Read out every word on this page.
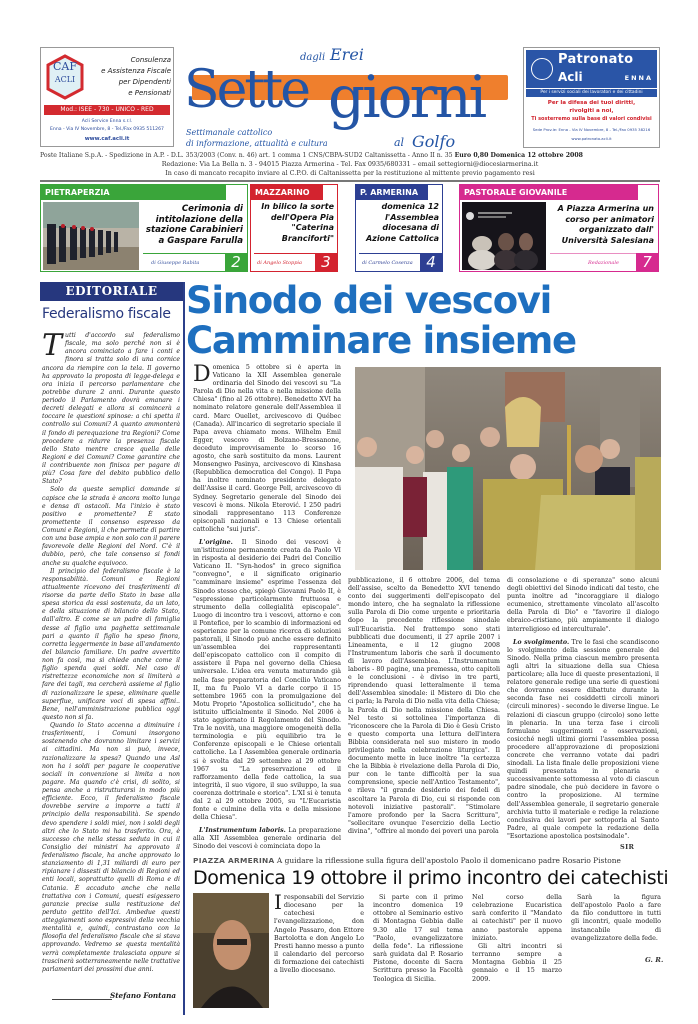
CAF
ACLI
Consulenza
e Assistenza Fiscale
per Dipendenti
e Pensionati
Mod.: ISEE - 730 - UNICO - RED
Acli Service Enna s.r.l.
Enna - Via IV Novembre, 8 - Tel./Fax 0935 511267
www.caf.acli.it
dagli Erei
Sette giorni
Settimanale cattolico
di informazione, attualità e cultura	al Golfo
Patronato
Acli	ENNA
Per i servizi sociali dei lavoratori e dei cittadini
Per la difesa dei tuoi diritti,
rivolgiti a noi,
Ti sosterremo sulla base di valori condivisi
Sede Prov.le: Enna - Via IV Novembre, 8 - Tel./Fax 0935 38216
www.patronato.acli.it
Poste Italiane S.p.A. - Spedizione in A.P. - D.L. 353/2003 (Conv. n. 46) art. 1 comma 1 CNS/CBPA-SUD2 Caltanissetta - Anno II n. 35 Euro 0,80 Domenica 12 ottobre 2008
Redazione: Via La Bella n. 3 - 94015 Piazza Armerina - Tel. Fax 0935/680331 – email settegiorni@diocesiarmerina.it
In caso di mancato recapito inviare al C.P.O. di Caltanissetta per la restituzione al mittente previo pagamento resi
PIETRAPERZIA
Cerimonia di intitolazione della stazione Carabinieri a Gaspare Farulla
di Giuseppe Rabita	2
MAZZARINO
In bilico la sorte dell'Opera Pia "Caterina Branciforti"
di Angelo Stoppia	3
P. ARMERINA
domenica 12 l'Assemblea diocesana di Azione Cattolica
di Carmelo Cosenza 4
PASTORALE GIOVANILE
A Piazza Armerina un corso per animatori organizzato dall' Università Salesiana
Redazionale	7
EDITORIALE
Federalismo fiscale

Tutti d'accordo sul federalismo fiscale, ma solo perché non si è ancora cominciato a fare i conti e finora si tratta solo di una cornice ancora da riempire con la tela. Il governo ha approvato la proposta di legge-delega e ora inizia il percorso parlamentare che potrebbe durare 2 anni. Durante questo periodo il Parlamento dovrà emanare i decreti delegati e allora si comincerà a toccare le questioni spinose: a chi spetta il controllo sui Comuni? A quanto ammonterà il fondo di perequazione tra Regioni? Come procedere a ridurre la presenza fiscale dello Stato mentre cresce quella delle Regioni e dei Comuni? Come garantire che il contribuente non finisca per pagare di più? Cosa fare del debito pubblico dello Stato?

Solo da queste semplici domande si capisce che la strada è ancora molto lunga e densa di ostacoli. Ma l'inizio è stato positivo e promettente? È stato promettente il consenso espresso da Comuni e Regioni, il che permette di partire con una base ampia e non solo con il parere favorevole delle Regioni del Nord. C'è il dubbio, però, che tale consenso si fondi anche su qualche equivoco.

Il principio del federalismo fiscale è la responsabilità. Comuni e Regioni attualmente ricevono dei trasferimenti di risorse da parte dello Stato in base alla spesa storica da essi sostenuta, da un lato, e della situazione di bilancio dello Stato, dall'altro. È come se un padre di famiglia desse al figlio una paghetta settimanale pari a quanto il figlio ha speso finora, corretta leggermente in base all'andamento del bilancio familiare. Un padre avvertito non fa così, ma si chiede anche come il figlio spenda quei soldi. Nel caso di ristrettezze economiche non si limiterà a fare dei tagli, ma cercherà assieme al figlio di razionalizzare le spese, eliminare quelle superflue, unificare voci di spesa affini.. Bene, nell'amministrazione pubblica oggi questo non si fa.

Quando lo Stato accenna a diminuire i trasferimenti, i Comuni insorgono sostenendo che dovranno limitare i servizi ai cittadini. Ma non si può, invece, razionalizzare la spesa? Quando una Asl non ha i soldi per pagare le cooperative sociali in convenzione si limita a non pagare. Ma quando c'è crisi, di solito, si pensa anche a ristrutturarsi in modo più efficiente. Ecco, il federalismo fiscale dovrebbe servire a imporre a tutti il principio della responsabilità. Se spendo devo spendere i soldi miei, non i soldi degli altri che lo Stato mi ha trasferito. Ora, è successo che nella stessa seduta in cui il Consiglio dei ministri ha approvato il federalismo fiscale, ha anche approvato lo stanziamento di 1,31 miliardi di euro per ripianare i dissesti di bilancio di Regioni ed enti locali, soprattutto quelli di Roma e di Catania. È accaduto anche che nella trattativa con i Comuni, questi esigessero garanzie precise sulla restituzione del perduto gettito dell'Ici. Ambedue questi atteggiamenti sono espressivi della vecchia mentalità e, quindi, contrastano con la filosofia del federalismo fiscale che si stava approvando. Vedremo se questa mentalità verrà completamente tralasciata oppure si trascinerà sotterraneamente nelle trattative parlamentari dei prossimi due anni.

Stefano Fontana
Sinodo dei vescovi
Camminare insieme

Domenica 5 ottobre si è aperta in Vaticano la XII Assemblea generale ordinaria del Sinodo dei vescovi su "La Parola di Dio nella vita e nella missione della Chiesa" (fino al 26 ottobre). Benedetto XVI ha nominato relatore generale dell'Assemblea il card. Marc Ouellet, arcivescovo di Québec (Canada). All'incarico di segretario speciale il Papa aveva chiamato mons. Wilhelm Emil Egger, vescovo di Bolzano-Bressanone, deceduto improvvisamente lo scorso 16 agosto, che sarà sostituito da mons. Laurent Monsengwo Pasinya, arcivescovo di Kinshasa (Repubblica democratica del Congo). Il Papa ha inoltre nominato presidente delegato dell'Assise il card. George Pell, arcivescovo di Sydney. Segretario generale del Sinodo dei vescovi è mons. Nikola Eterović. I 250 padri sinodali rappresentano 113 Conferenze episcopali nazionali e 13 Chiese orientali cattoliche "sui juris".

L'origine. Il Sinodo dei vescovi è un'istituzione permanente creata da Paolo VI in risposta al desiderio dei Padri del Concilio Vaticano II. "Syn-hodos" in greco significa "convegno", e il significato originario "camminare insieme" esprime l'essenza del Sinodo stesso che, spiegò Giovanni Paolo II, è "espressione particolarmente fruttuosa e strumento della collegialità episcopale". Luogo di incontro tra i vescovi, attorno e con il Pontefice, per lo scambio di informazioni ed esperienze per la comune ricerca di soluzioni pastorali, il Sinodo può anche essere definito un'assemblea dei rappresentanti dell'episcopato cattolico con il compito di assistere il Papa nel governo della Chiesa universale. L'idea era venuta maturando già nella fase preparatoria del Concilio Vaticano II, ma fu Paolo VI a darle corpo il 15 settembre 1965 con la promulgazione del Motu Proprio "Apostolica sollicitudo", che ha istituito ufficialmente il Sinodo. Nel 2006 è stato aggiornato il Regolamento del Sinodo. Tra le novità, una maggiore omogeneità della terminologia e più equilibrio tra le Conferenze episcopali e le Chiese orientali cattoliche. La I Assemblea generale ordinaria si è svolta dal 29 settembre al 29 ottobre 1967 su "La preservazione ed il rafforzamento della fede cattolica, la sua integrità, il suo vigore, il suo sviluppo, la sua coerenza dottrinale e storica". L'XI si è tenuta dal 2 al 29 ottobre 2005, su "L'Eucaristia fonte e culmine della vita e della missione della Chiesa".

L'Instrumentum laboris. La preparazione alla XII Assemblea generale ordinaria del Sinodo dei vescovi è cominciata dopo la

pubblicazione, il 6 ottobre 2006, del tema dell'assise, scelto da Benedetto XVI tenendo conto dei suggerimenti dell'episcopato del mondo intero, che ha segnalato la riflessione sulla Parola di Dio come urgente e prioritaria dopo la precedente riflessione sinodale sull'Eucaristia. Nel frattempo sono stati pubblicati due documenti, il 27 aprile 2007 i Lineamenta, e il 12 giugno 2008 l'Instrumentum laboris che sarà il documento di lavoro dell'Assemblea. L'Instrumentum laboris - 80 pagine, una premessa, otto capitoli e le conclusioni - è diviso in tre parti, riprendendo quasi letteralmente il tema dell'Assemblea sinodale: il Mistero di Dio che ci parla; la Parola di Dio nella vita della Chiesa; la Parola di Dio nella missione della Chiesa. Nel testo si sottolinea l'importanza di "riconoscere che la Parola di Dio è Gesù Cristo e questo comporta una lettura dell'intera Bibbia considerata nel suo mistero in modo privilegiato nella celebrazione liturgica". Il documento mette in luce inoltre "la certezza che la Bibbia è rivelazione della Parola di Dio, pur con le tante difficoltà per la sua comprensione, specie nell'Antico Testamento", e rileva "il grande desiderio dei fedeli di ascoltare la Parola di Dio, cui si risponde con notevoli iniziative pastorali". "Stimolare l'amore profondo per la Sacra Scrittura", "sollecitare ovunque l'esercizio della Lectio divina", "offrire al mondo dei poveri una parola

di consolazione e di speranza" sono alcuni degli obiettivi del Sinodo indicati dal testo, che punta inoltre ad "incoraggiare il dialogo ecumenico, strettamente vincolato all'ascolto della Parola di Dio" e "favorire il dialogo ebraico-cristiano, più ampiamente il dialogo interreligioso ed interculturale".

Lo svolgimento. Tre le fasi che scandiscono lo svolgimento della sessione generale del Sinodo. Nella prima ciascun membro presenta agli altri la situazione della sua Chiesa particolare; alla luce di queste presentazioni, il relatore generale redige una serie di questioni che dovranno essere dibattute durante la seconda fase nei cosiddetti circoli minori (circuli minores) - secondo le diverse lingue. Le relazioni di ciascun gruppo (circolo) sono lette in plenaria. In una terza fase i circoli formulano suggerimenti e osservazioni, cosicché negli ultimi giorni l'assemblea possa procedere all'approvazione di proposizioni concrete che verranno votate dai padri sinodali. La lista finale delle proposizioni viene quindi presentata in plenaria e successivamente sottomessa al voto di ciascun padre sinodale, che può decidere in favore o contro la proposizione. Al termine dell'Assemblea generale, il segretario generale archivia tutto il materiale e redige la relazione conclusiva dei lavori per sottoporla al Santo Padre, al quale compete la redazione della "Esortazione apostolica postsinodale".

SIR
PIAZZA ARMERINA A guidare la riflessione sulla figura dell'apostolo Paolo il domenicano padre Rosario Pistone
Domenica 19 ottobre il primo incontro dei catechisti

I responsabili del Servizio diocesano per la catechesi e l'evangelizzazione, don Angelo Passaro, don Ettore Bartolotta e don Angelo Lo Presti hanno messo a punto il calendario del percorso di formazione dei catechisti a livello diocesano.

Si parte con il primo incontro domenica 19 ottobre al Seminario estivo di Montagna Gebbia dalle 9.30 alle 17 sul tema "Paolo, evangelizzatore della fede". La riflessione sarà guidata dal P. Rosario Pistone, docente di Sacra Scrittura presso la Facoltà Teologica di Sicilia.

Nel corso della celebrazione Eucaristica sarà conferito il "Mandato ai catechisti" per il nuovo anno pastorale appena iniziato.

Gli altri incontri si terranno sempre a Montagna Gebbia il 25 gennaio e il 15 marzo 2009.

Sarà la figura dell'apostolo Paolo a fare da filo conduttore in tutti gli incontri, quale modello instancabile di evangelizzatore della fede.

G. R.
